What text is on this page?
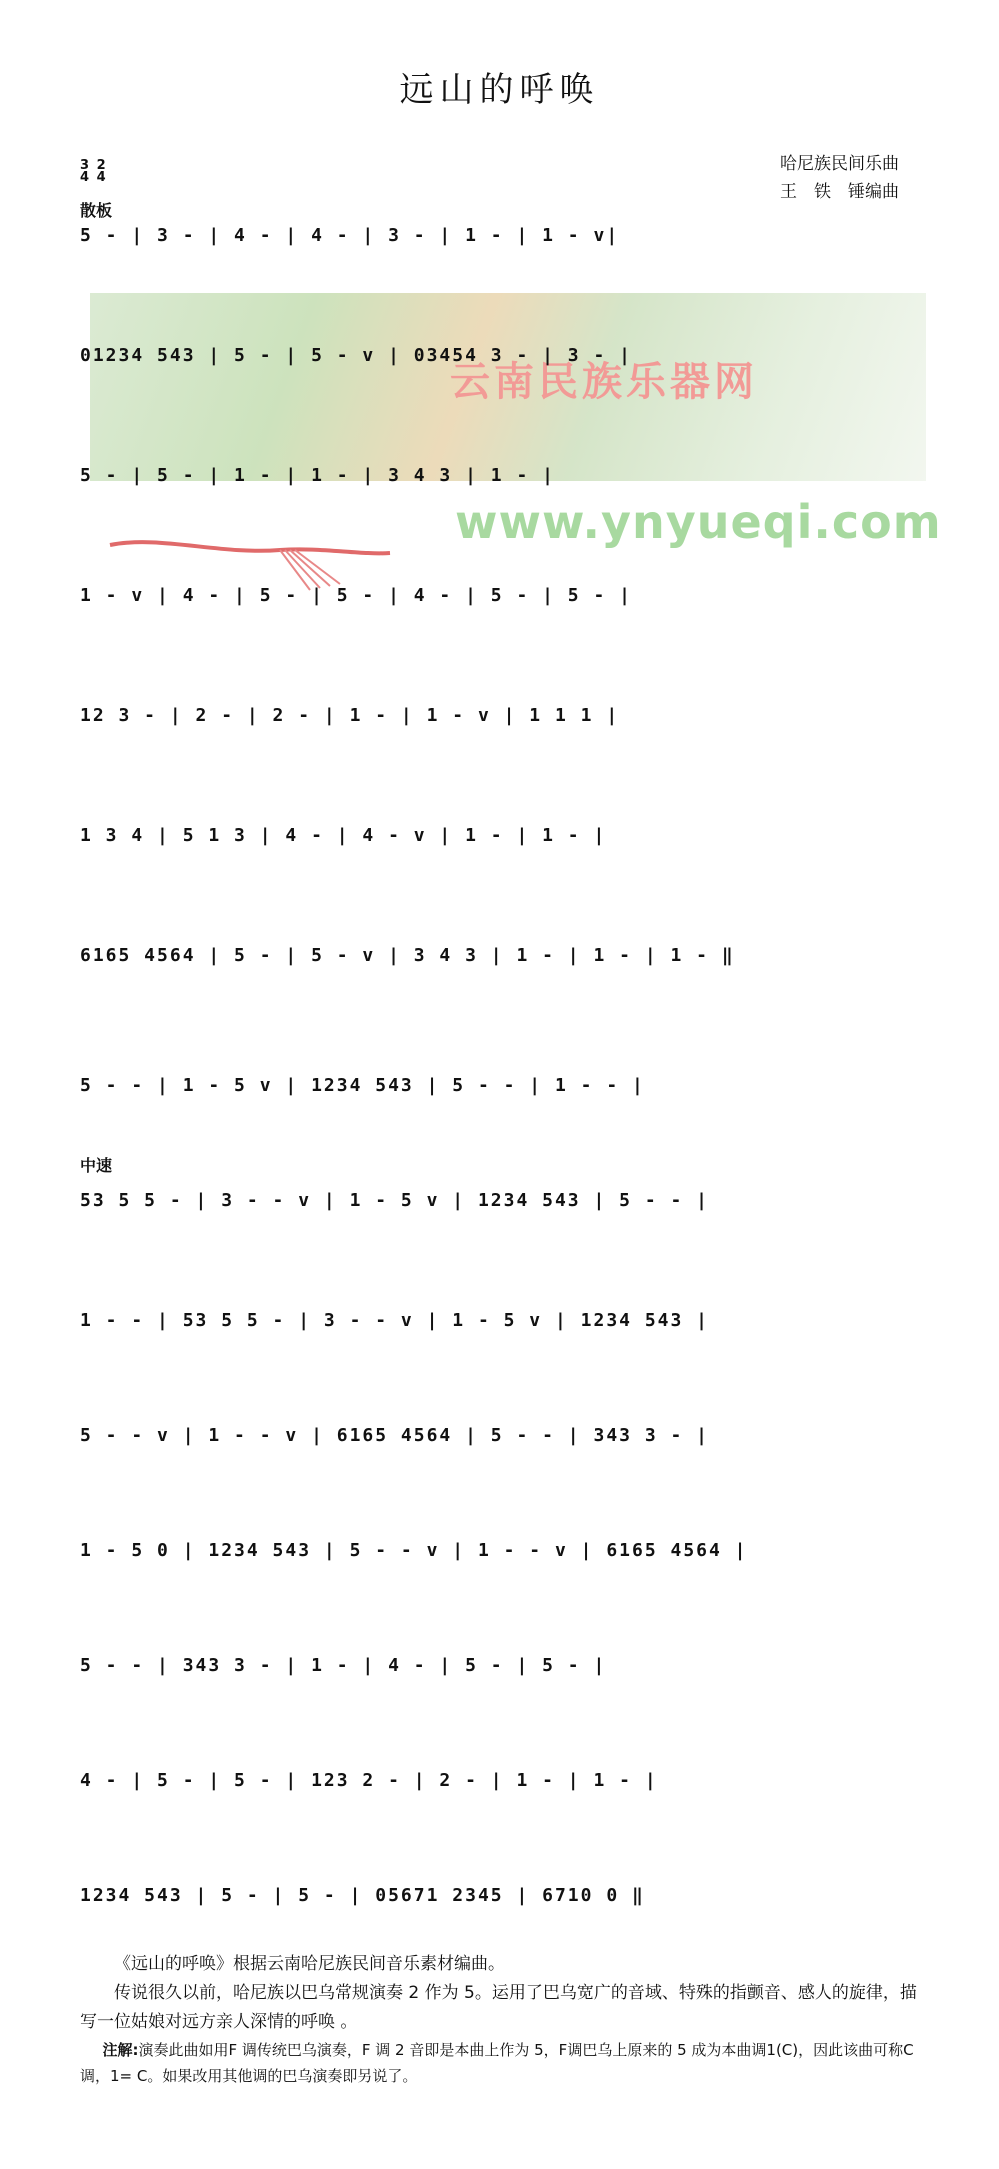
云南民族乐器网
www.ynyueqi.com
远山的呼唤
哈尼族民间乐曲
王　铁　锤编曲
3
4

2
4
散板
中速
5 - | 3 - | 4 - | 4 - | 3 - | 1 - | 1 - v|
01234 543 | 5 - | 5 - v | 03454 3 - | 3 - |
5 - | 5 - | 1 - | 1 - | 3 4 3 | 1 - |
1 - v | 4 - | 5 - | 5 - | 4 - | 5 - | 5 - |
12 3 - | 2 - | 2 - | 1 - | 1 - v | 1 1 1 |
1 3 4 | 5 1 3 | 4 - | 4 - v | 1 - | 1 - |
6165 4564 | 5 - | 5 - v | 3 4 3 | 1 - | 1 - | 1 - ‖
5 - - | 1 - 5 v | 1234 543 | 5 - - | 1 - - |
53 5 5 - | 3 - - v | 1 - 5 v | 1234 543 | 5 - - |
1 - - | 53 5 5 - | 3 - - v | 1 - 5 v | 1234 543 |
5 - - v | 1 - - v | 6165 4564 | 5 - - | 343 3 - |
1 - 5 0 | 1234 543 | 5 - - v | 1 - - v | 6165 4564 |
5 - - | 343 3 - | 1 - | 4 - | 5 - | 5 - |
4 - | 5 - | 5 - | 123 2 - | 2 - | 1 - | 1 - |
1234 543 | 5 - | 5 - | 05671 2345 | 6710 0 ‖

《远山的呼唤》根据云南哈尼族民间音乐素材编曲。

传说很久以前，哈尼族以巴乌常规演奏 2 作为 5。运用了巴乌宽广的音域、特殊的指颤音、感人的旋律，描写一位姑娘对远方亲人深情的呼唤 。

注解:演奏此曲如用F 调传统巴乌演奏，F 调 2 音即是本曲上作为 5，F调巴乌上原来的 5 成为本曲调1(C)，因此该曲可称C调，1= C。如果改用其他调的巴乌演奏即另说了。
